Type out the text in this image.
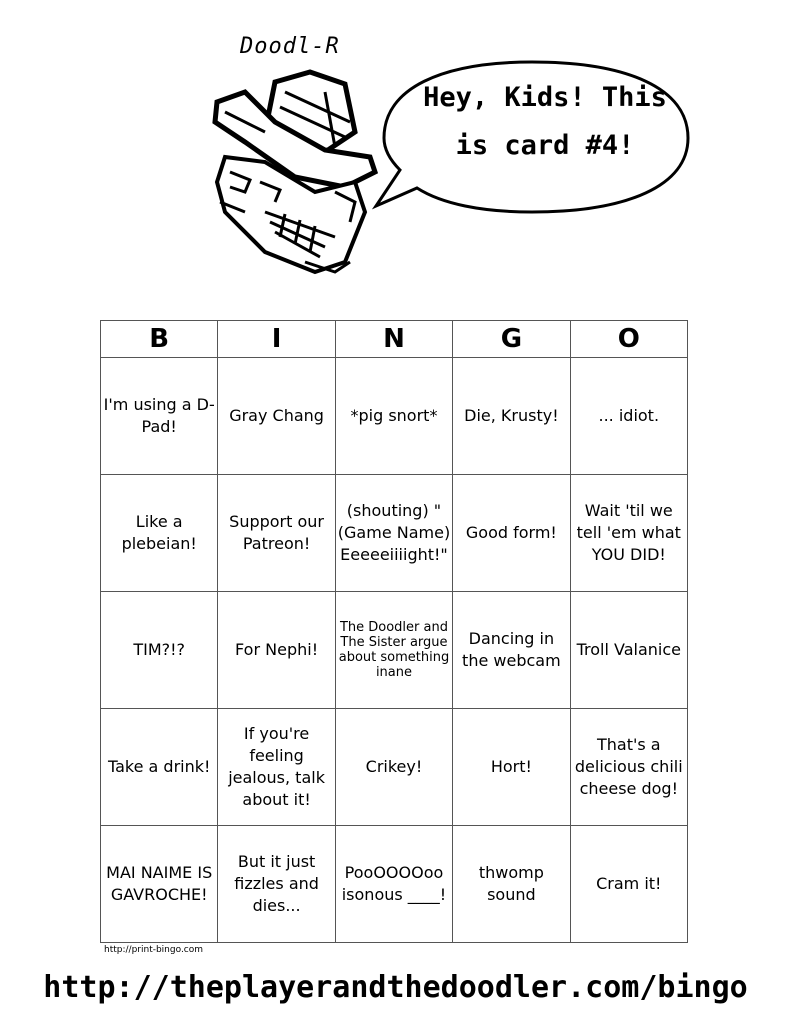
Doodl-R
Hey, Kids! This is card #4!
B	I	N	G	O
I'm using a D-Pad!	Gray Chang	*pig snort*	Die, Krusty!	... idiot.
Like a plebeian!	Support our Patreon!	(shouting) "(Game Name) Eeeeeiiiight!"	Good form!	Wait 'til we tell 'em what YOU DID!
TIM?!?	For Nephi!	The Doodler and The Sister argue about something inane	Dancing in the webcam	Troll Valanice
Take a drink!	If you're feeling jealous, talk about it!	Crikey!	Hort!	That's a delicious chili cheese dog!
MAI NAIME IS GAVROCHE!	But it just fizzles and dies...	PooOOOOoo isonous ____!	thwomp sound	Cram it!
http://print-bingo.com
http://theplayerandthedoodler.com/bingo
